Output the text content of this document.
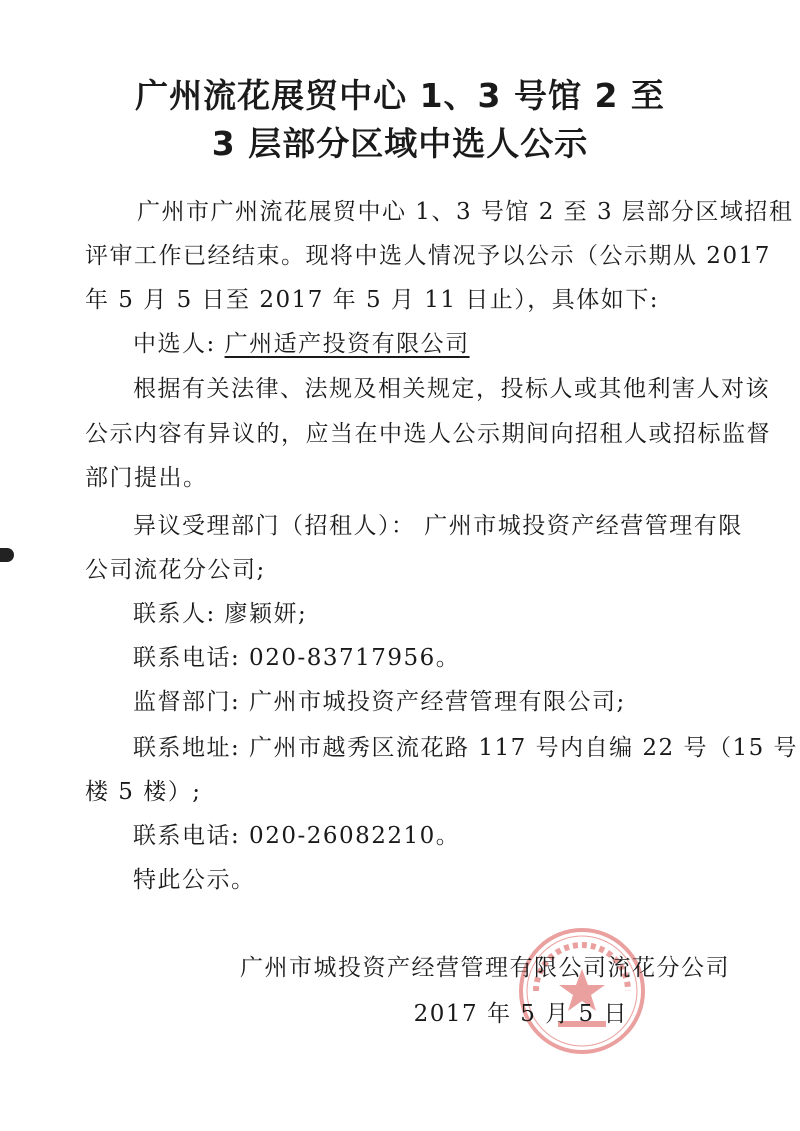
广州流花展贸中心 1、3 号馆 2 至
3 层部分区域中选人公示
广州市广州流花展贸中心 1、3 号馆 2 至 3 层部分区域招租
评审工作已经结束。现将中选人情况予以公示（公示期从 2017
年 5 月 5 日至 2017 年 5 月 11 日止），具体如下:
中选人: 广州适产投资有限公司
根据有关法律、法规及相关规定，投标人或其他利害人对该
公示内容有异议的，应当在中选人公示期间向招租人或招标监督
部门提出。
异议受理部门（招租人）： 广州市城投资产经营管理有限
公司流花分公司;
联系人: 廖颖妍;
联系电话: 020-83717956。
监督部门: 广州市城投资产经营管理有限公司;
联系地址: 广州市越秀区流花路 117 号内自编 22 号（15 号
楼 5 楼）;
联系电话: 020-26082210。
特此公示。
广州市城投资产经营管理有限公司流花分公司
2017 年 5 月 5 日
